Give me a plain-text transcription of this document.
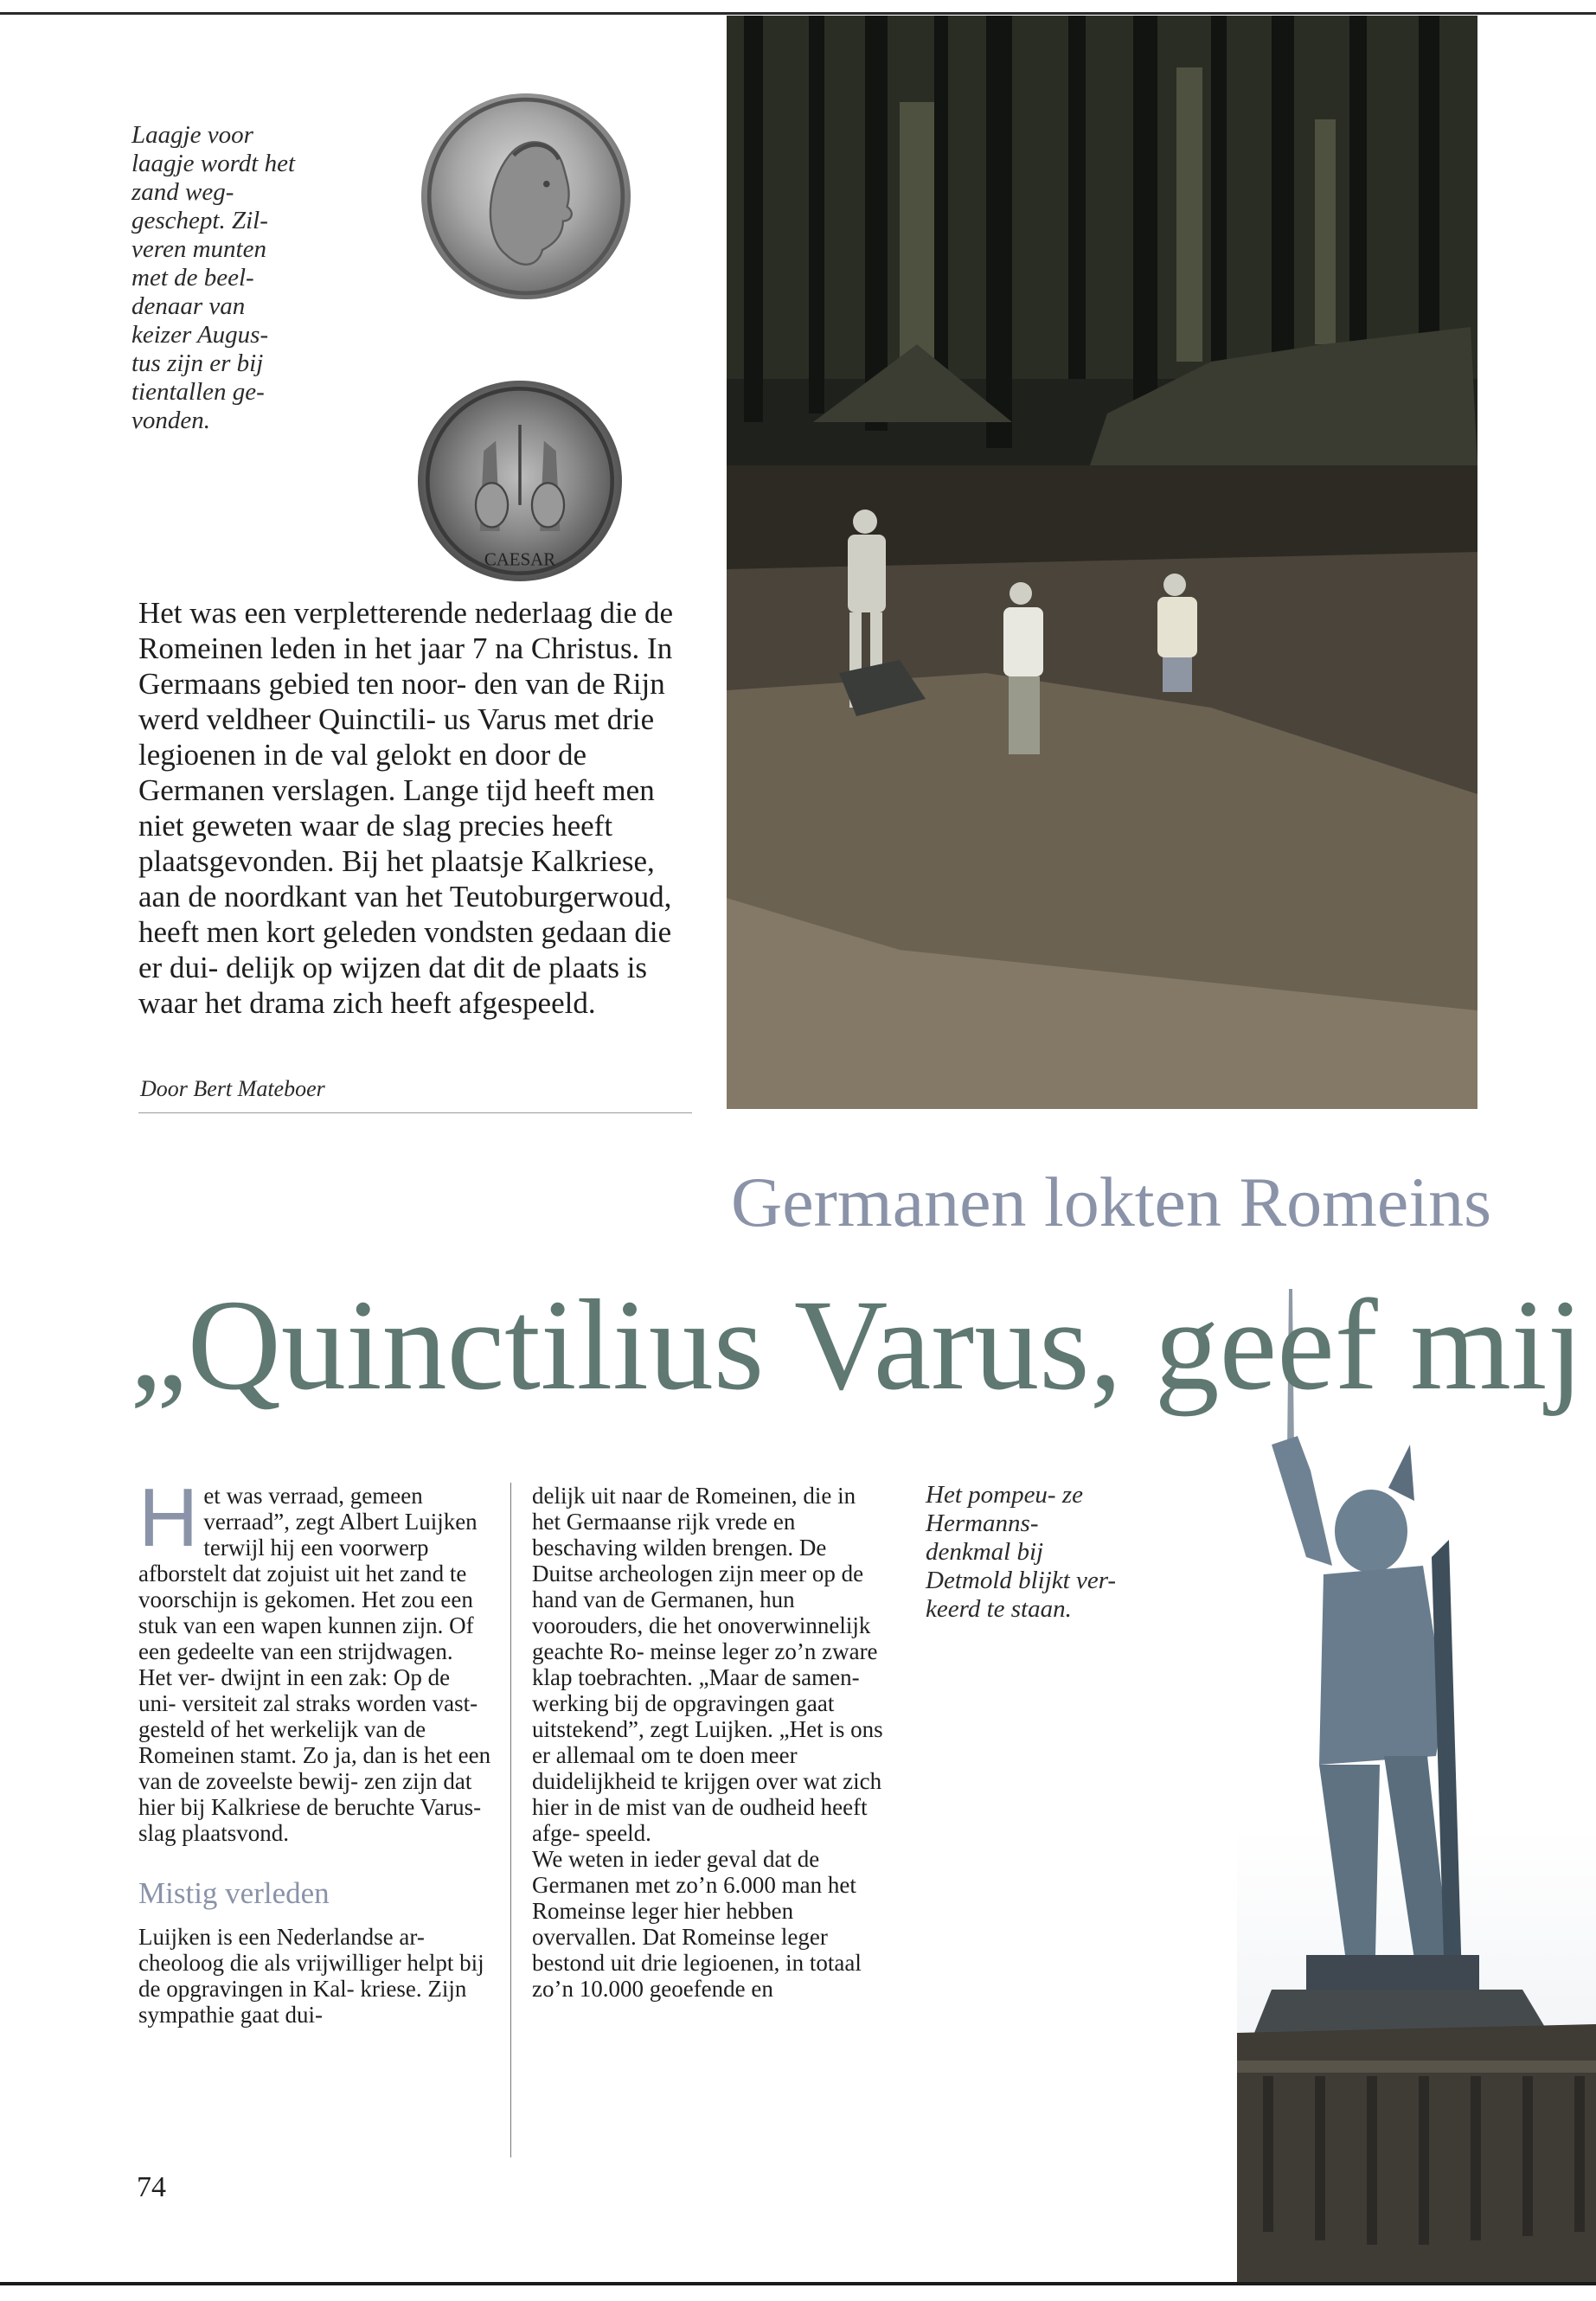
Laagje voor laagje wordt het zand weg- geschept. Zil- veren munten met de beel- denaar van keizer Augus- tus zijn er bij tientallen ge- vonden.
CAESAR
Het was een verpletterende nederlaag die de Romeinen leden in het jaar 7 na Christus. In Germaans gebied ten noor- den van de Rijn werd veldheer Quinctili- us Varus met drie legioenen in de val gelokt en door de Germanen verslagen. Lange tijd heeft men niet geweten waar de slag precies heeft plaatsgevonden. Bij het plaatsje Kalkriese, aan de noordkant van het Teutoburgerwoud, heeft men kort geleden vondsten gedaan die er dui- delijk op wijzen dat dit de plaats is waar het drama zich heeft afgespeeld.
Door Bert Mateboer
Germanen lokten Romeins
„Quinctilius Varus, geef mij
H et was verraad, gemeen verraad”, zegt Albert Luijken terwijl hij een voorwerp afborstelt dat zojuist uit het zand te voorschijn is gekomen. Het zou een stuk van een wapen kunnen zijn. Of een gedeelte van een strijdwagen. Het ver- dwijnt in een zak: Op de uni- versiteit zal straks worden vast- gesteld of het werkelijk van de Romeinen stamt. Zo ja, dan is het een van de zoveelste bewij- zen zijn dat hier bij Kalkriese de beruchte Varus-slag plaatsvond.

Mistig verleden

Luijken is een Nederlandse ar- cheoloog die als vrijwilliger helpt bij de opgravingen in Kal- kriese. Zijn sympathie gaat dui-

delijk uit naar de Romeinen, die in het Germaanse rijk vrede en beschaving wilden brengen. De Duitse archeologen zijn meer op de hand van de Germanen, hun voorouders, die het onoverwinnelijk geachte Ro- meinse leger zo’n zware klap toebrachten. „Maar de samen- werking bij de opgravingen gaat uitstekend”, zegt Luijken. „Het is ons er allemaal om te doen meer duidelijkheid te krijgen over wat zich hier in de mist van de oudheid heeft afge- speeld.

We weten in ieder geval dat de Germanen met zo’n 6.000 man het Romeinse leger hier hebben overvallen. Dat Romeinse leger bestond uit drie legioenen, in totaal zo’n 10.000 geoefende en

Het pompeu- ze Hermanns- denkmal bij Detmold blijkt ver- keerd te staan.
74
